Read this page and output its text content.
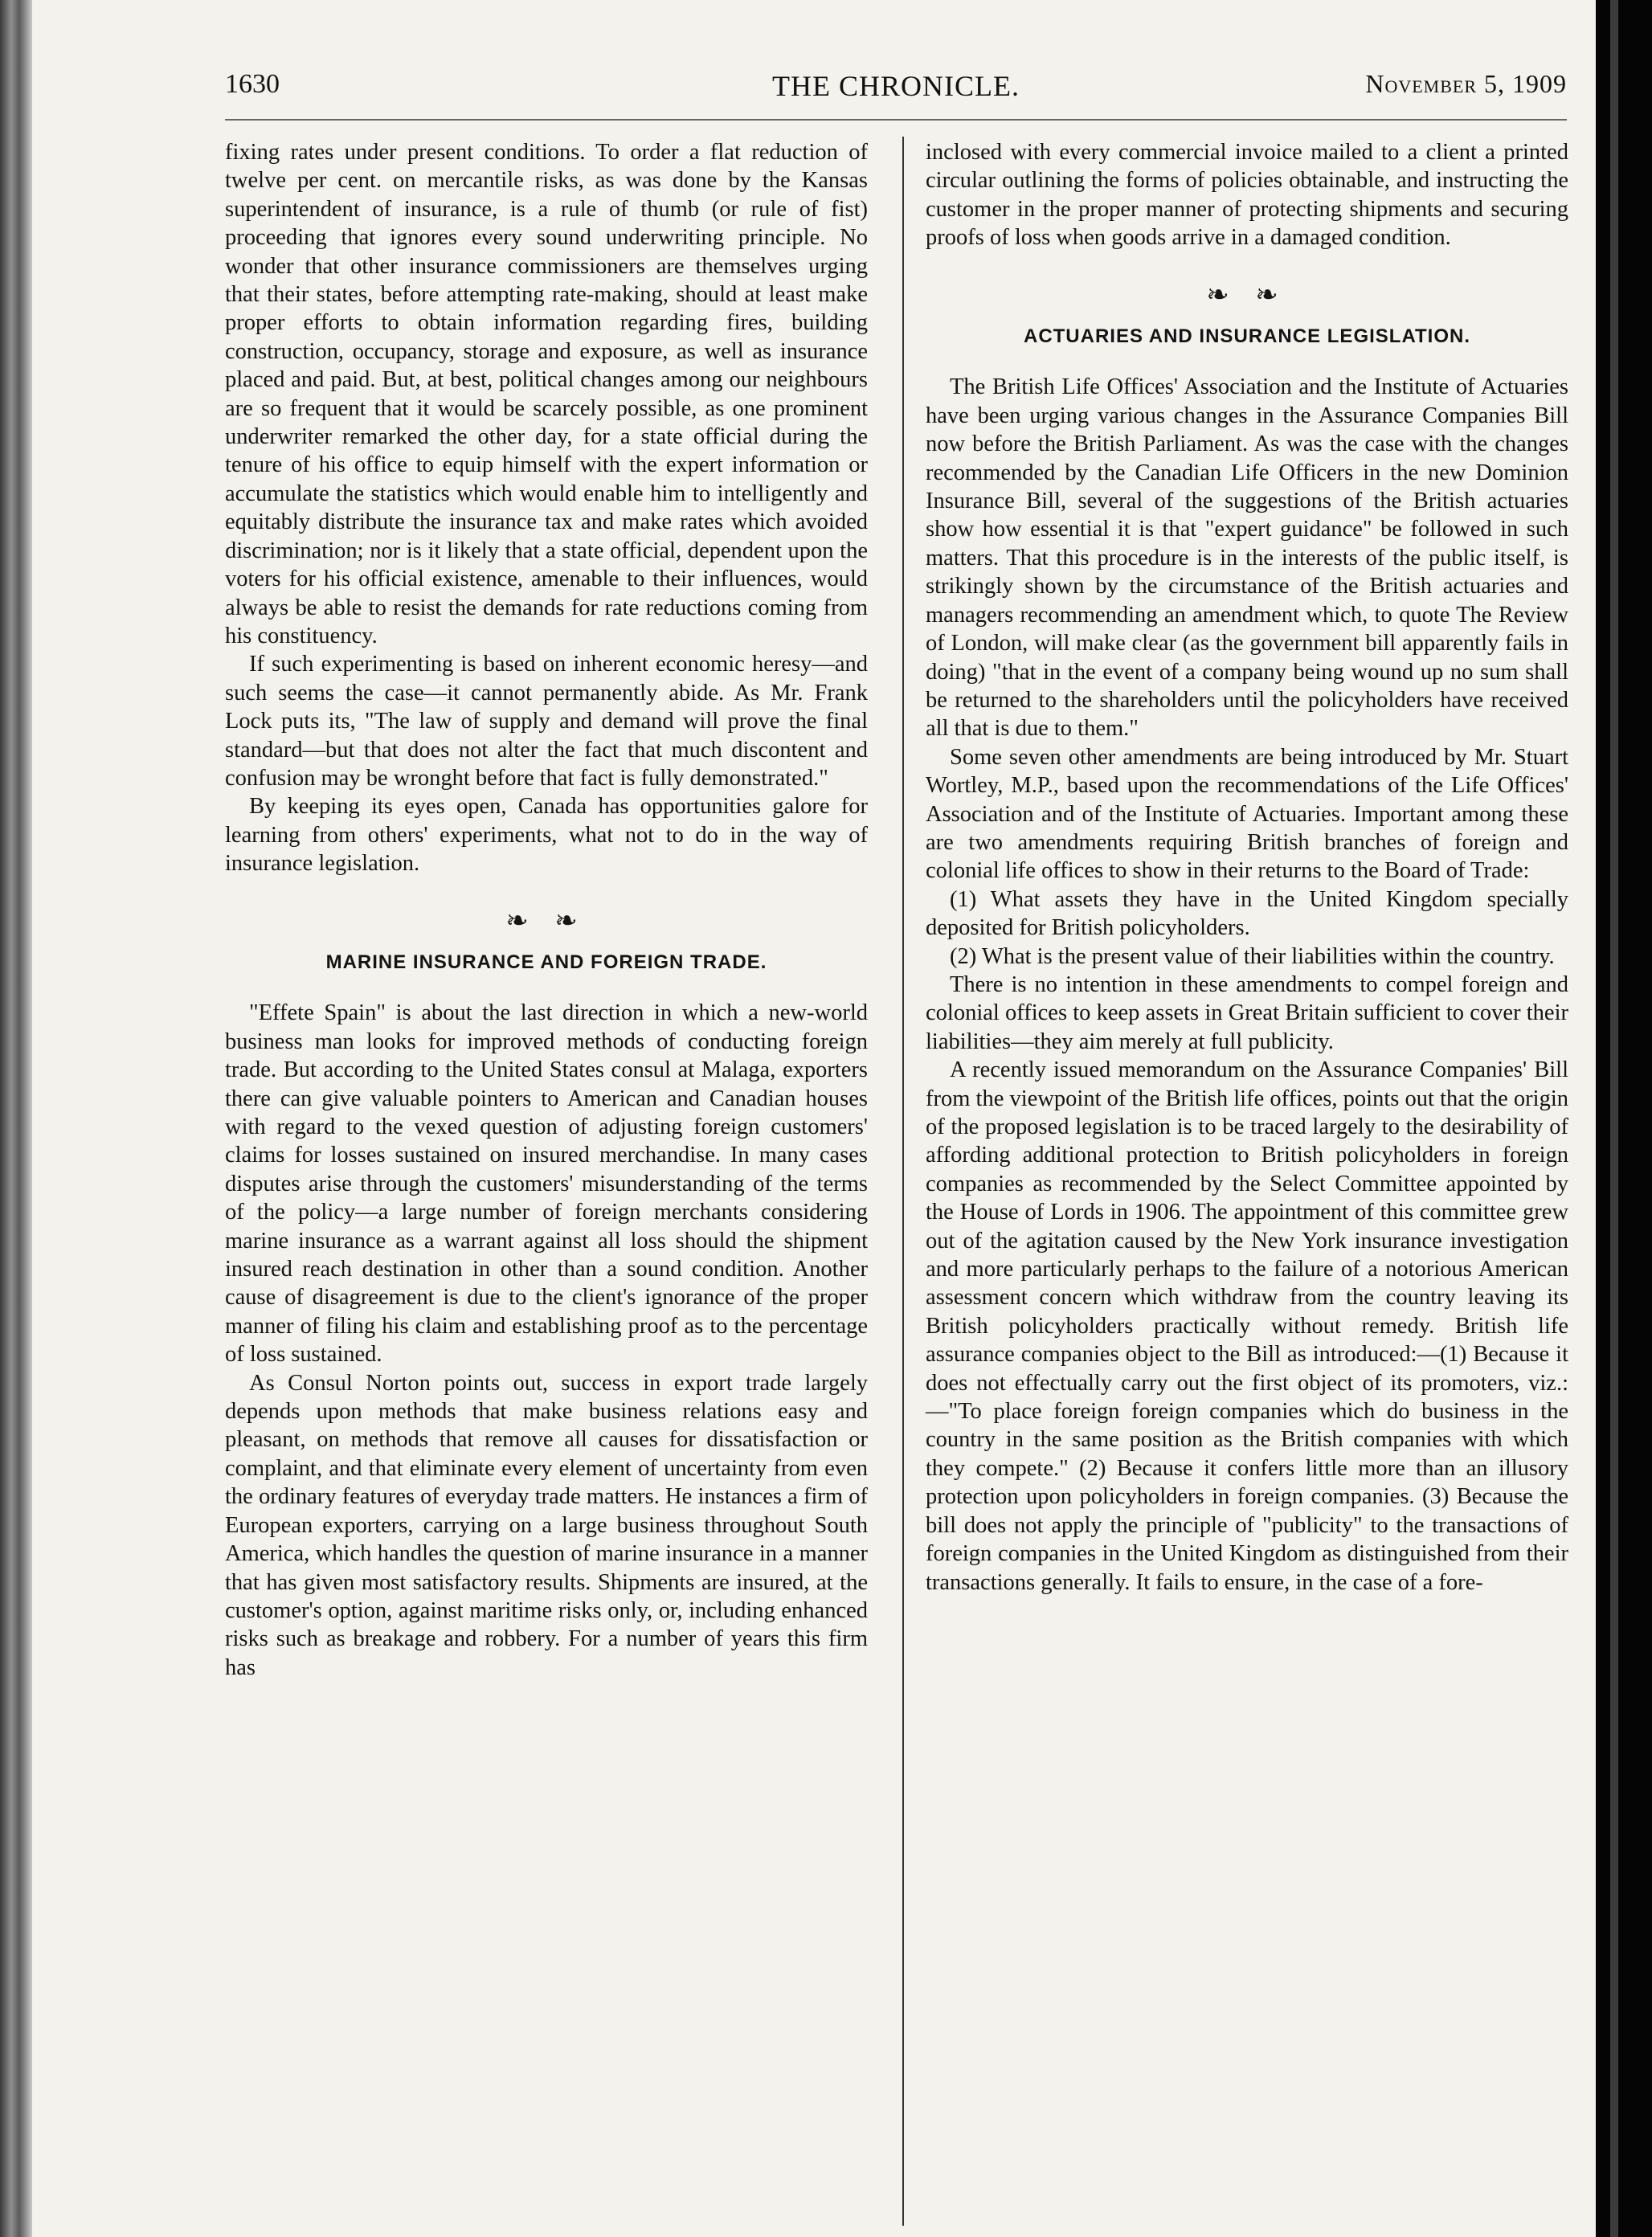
1630	THE CHRONICLE.	November 5, 1909

fixing rates under present conditions. To order a flat reduction of twelve per cent. on mercantile risks, as was done by the Kansas superintendent of insurance, is a rule of thumb (or rule of fist) proceeding that ignores every sound underwriting principle. No wonder that other insurance commissioners are themselves urging that their states, before attempting rate-making, should at least make proper efforts to obtain information regarding fires, building construction, occupancy, storage and exposure, as well as insurance placed and paid. But, at best, political changes among our neighbours are so frequent that it would be scarcely possible, as one prominent underwriter remarked the other day, for a state official during the tenure of his office to equip himself with the expert information or accumulate the statistics which would enable him to intelligently and equitably distribute the insurance tax and make rates which avoided discrimination; nor is it likely that a state official, dependent upon the voters for his official existence, amenable to their influences, would always be able to resist the demands for rate reductions coming from his constituency.

If such experimenting is based on inherent economic heresy—and such seems the case—it cannot permanently abide. As Mr. Frank Lock puts its, "The law of supply and demand will prove the final standard—but that does not alter the fact that much discontent and confusion may be wronght before that fact is fully demonstrated."

By keeping its eyes open, Canada has opportunities galore for learning from others' experiments, what not to do in the way of insurance legislation.

❧ ❧
MARINE INSURANCE AND FOREIGN TRADE.

"Effete Spain" is about the last direction in which a new-world business man looks for improved methods of conducting foreign trade. But according to the United States consul at Malaga, exporters there can give valuable pointers to American and Canadian houses with regard to the vexed question of adjusting foreign customers' claims for losses sustained on insured merchandise. In many cases disputes arise through the customers' misunderstanding of the terms of the policy—a large number of foreign merchants considering marine insurance as a warrant against all loss should the shipment insured reach destination in other than a sound condition. Another cause of disagreement is due to the client's ignorance of the proper manner of filing his claim and establishing proof as to the percentage of loss sustained.

As Consul Norton points out, success in export trade largely depends upon methods that make business relations easy and pleasant, on methods that remove all causes for dissatisfaction or complaint, and that eliminate every element of uncertainty from even the ordinary features of everyday trade matters. He instances a firm of European exporters, carrying on a large business throughout South America, which handles the question of marine insurance in a manner that has given most satisfactory results. Shipments are insured, at the customer's option, against maritime risks only, or, including enhanced risks such as breakage and robbery. For a number of years this firm has

inclosed with every commercial invoice mailed to a client a printed circular outlining the forms of policies obtainable, and instructing the customer in the proper manner of protecting shipments and securing proofs of loss when goods arrive in a damaged condition.

❧ ❧
ACTUARIES AND INSURANCE LEGISLATION.

The British Life Offices' Association and the Institute of Actuaries have been urging various changes in the Assurance Companies Bill now before the British Parliament. As was the case with the changes recommended by the Canadian Life Officers in the new Dominion Insurance Bill, several of the suggestions of the British actuaries show how essential it is that "expert guidance" be followed in such matters. That this procedure is in the interests of the public itself, is strikingly shown by the circumstance of the British actuaries and managers recommending an amendment which, to quote The Review of London, will make clear (as the government bill apparently fails in doing) "that in the event of a company being wound up no sum shall be returned to the shareholders until the policyholders have received all that is due to them."

Some seven other amendments are being introduced by Mr. Stuart Wortley, M.P., based upon the recommendations of the Life Offices' Association and of the Institute of Actuaries. Important among these are two amendments requiring British branches of foreign and colonial life offices to show in their returns to the Board of Trade:

(1) What assets they have in the United Kingdom specially deposited for British policyholders.

(2) What is the present value of their liabilities within the country.

There is no intention in these amendments to compel foreign and colonial offices to keep assets in Great Britain sufficient to cover their liabilities—they aim merely at full publicity.

A recently issued memorandum on the Assurance Companies' Bill from the viewpoint of the British life offices, points out that the origin of the proposed legislation is to be traced largely to the desirability of affording additional protection to British policyholders in foreign companies as recommended by the Select Committee appointed by the House of Lords in 1906. The appointment of this committee grew out of the agitation caused by the New York insurance investigation and more particularly perhaps to the failure of a notorious American assessment concern which withdraw from the country leaving its British policyholders practically without remedy. British life assurance companies object to the Bill as introduced:—(1) Because it does not effectually carry out the first object of its promoters, viz.:—"To place foreign foreign companies which do business in the country in the same position as the British companies with which they compete." (2) Because it confers little more than an illusory protection upon policyholders in foreign companies. (3) Because the bill does not apply the principle of "publicity" to the transactions of foreign companies in the United Kingdom as distinguished from their transactions generally. It fails to ensure, in the case of a fore-
